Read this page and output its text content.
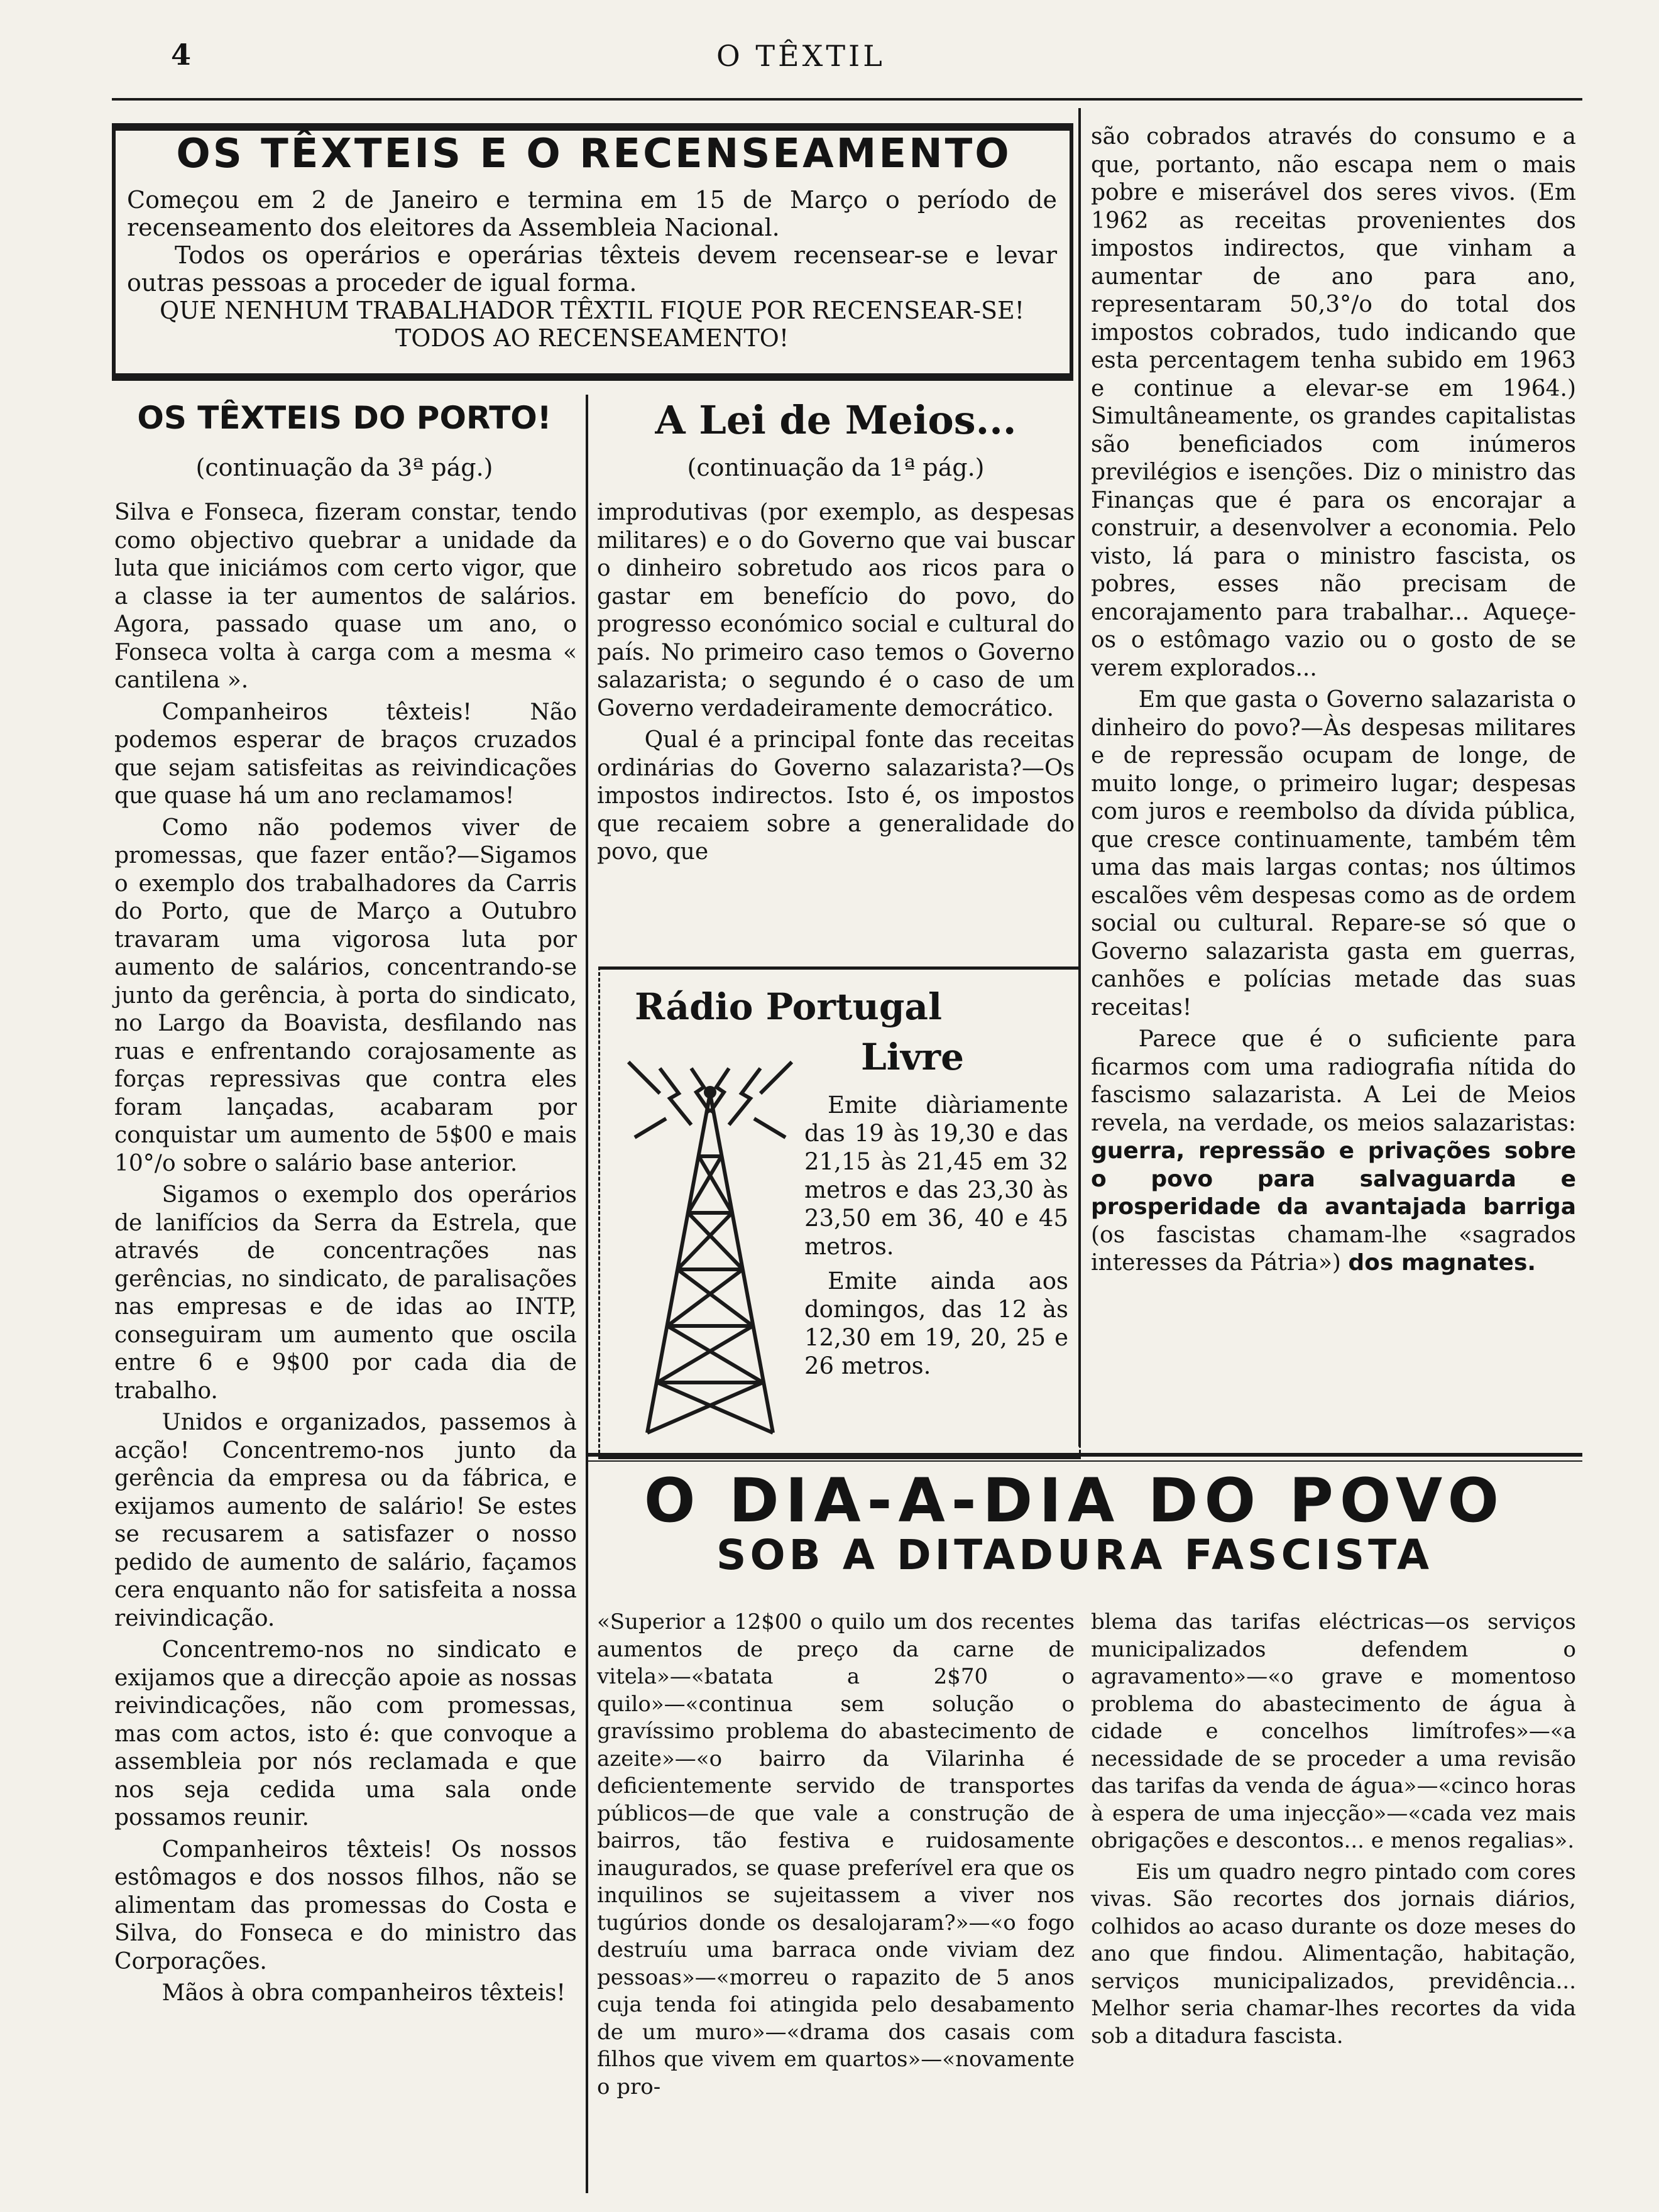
4	O TÊXTIL
OS TÊXTEIS E O RECENSEAMENTO

Começou em 2 de Janeiro e termina em 15 de Março o período de recenseamento dos eleitores da Assembleia Nacional.

Todos os operários e operárias têxteis devem recensear-se e levar outras pessoas a proceder de igual forma.

QUE NENHUM TRABALHADOR TÊXTIL FIQUE POR RECENSEAR-SE! TODOS AO RECENSEAMENTO!

OS TÊXTEIS DO PORTO!
(continuação da 3ª pág.)

Silva e Fonseca, fizeram constar, tendo como objectivo quebrar a unidade da luta que iniciámos com certo vigor, que a classe ia ter aumentos de salários. Agora, passado quase um ano, o Fonseca volta à carga com a mesma « cantilena ».

Companheiros têxteis! Não podemos esperar de braços cruzados que sejam satisfeitas as reivindicações que quase há um ano reclamamos!

Como não podemos viver de promessas, que fazer então?—Sigamos o exemplo dos trabalhadores da Carris do Porto, que de Março a Outubro travaram uma vigorosa luta por aumento de salários, concentrando-se junto da gerência, à porta do sindicato, no Largo da Boavista, desfilando nas ruas e enfrentando corajosamente as forças repressivas que contra eles foram lançadas, acabaram por conquistar um aumento de 5$00 e mais 10°/o sobre o salário base anterior.

Sigamos o exemplo dos operários de lanifícios da Serra da Estrela, que através de concentrações nas gerências, no sindicato, de paralisações nas empresas e de idas ao INTP, conseguiram um aumento que oscila entre 6 e 9$00 por cada dia de trabalho.

Unidos e organizados, passemos à acção! Concentremo-nos junto da gerência da empresa ou da fábrica, e exijamos aumento de salário! Se estes se recusarem a satisfazer o nosso pedido de aumento de salário, façamos cera enquanto não for satisfeita a nossa reivindicação.

Concentremo-nos no sindicato e exijamos que a direcção apoie as nossas reivindicações, não com promessas, mas com actos, isto é: que convoque a assembleia por nós reclamada e que nos seja cedida uma sala onde possamos reunir.

Companheiros têxteis! Os nossos estômagos e dos nossos filhos, não se alimentam das promessas do Costa e Silva, do Fonseca e do ministro das Corporações.

Mãos à obra companheiros têxteis!

A Lei de Meios...
(continuação da 1ª pág.)

improdutivas (por exemplo, as despesas militares) e o do Governo que vai buscar o dinheiro sobretudo aos ricos para o gastar em benefício do povo, do progresso económico social e cultural do país. No primeiro caso temos o Governo salazarista; o segundo é o caso de um Governo verdadeiramente democrático.

Qual é a principal fonte das receitas ordinárias do Governo salazarista?—Os impostos indirectos. Isto é, os impostos que recaiem sobre a generalidade do povo, que

Rádio Portugal
Livre

Emite diàriamente das 19 às 19,30 e das 21,15 às 21,45 em 32 metros e das 23,30 às 23,50 em 36, 40 e 45 metros.

Emite ainda aos domingos, das 12 às 12,30 em 19, 20, 25 e 26 metros.

são cobrados através do consumo e a que, portanto, não escapa nem o mais pobre e miserável dos seres vivos. (Em 1962 as receitas provenientes dos impostos indirectos, que vinham a aumentar de ano para ano, representaram 50,3°/o do total dos impostos cobrados, tudo indicando que esta percentagem tenha subido em 1963 e continue a elevar-se em 1964.) Simultâneamente, os grandes capitalistas são beneficiados com inúmeros previlégios e isenções. Diz o ministro das Finanças que é para os encorajar a construir, a desenvolver a economia. Pelo visto, lá para o ministro fascista, os pobres, esses não precisam de encorajamento para trabalhar... Aqueçe-os o estômago vazio ou o gosto de se verem explorados...

Em que gasta o Governo salazarista o dinheiro do povo?—Às despesas militares e de repressão ocupam de longe, de muito longe, o primeiro lugar; despesas com juros e reembolso da dívida pública, que cresce continuamente, também têm uma das mais largas contas; nos últimos escalões vêm despesas como as de ordem social ou cultural. Repare-se só que o Governo salazarista gasta em guerras, canhões e polícias metade das suas receitas!

Parece que é o suficiente para ficarmos com uma radiografia nítida do fascismo salazarista. A Lei de Meios revela, na verdade, os meios salazaristas: guerra, repressão e privações sobre o povo para salvaguarda e prosperidade da avantajada barriga (os fascistas chamam-lhe «sagrados interesses da Pátria») dos magnates.

O DIA-A-DIA DO POVO
SOB A DITADURA FASCISTA

«Superior a 12$00 o quilo um dos recentes aumentos de preço da carne de vitela»—«batata a 2$70 o quilo»—«continua sem solução o gravíssimo problema do abastecimento de azeite»—«o bairro da Vilarinha é deficientemente servido de transportes públicos—de que vale a construção de bairros, tão festiva e ruidosamente inaugurados, se quase preferível era que os inquilinos se sujeitassem a viver nos tugúrios donde os desalojaram?»—«o fogo destruíu uma barraca onde viviam dez pessoas»—«morreu o rapazito de 5 anos cuja tenda foi atingida pelo desabamento de um muro»—«drama dos casais com filhos que vivem em quartos»—«novamente o pro-

blema das tarifas eléctricas—os serviços municipalizados defendem o agravamento»—«o grave e momentoso problema do abastecimento de água à cidade e concelhos limítrofes»—«a necessidade de se proceder a uma revisão das tarifas da venda de água»—«cinco horas à espera de uma injecção»—«cada vez mais obrigações e descontos... e menos regalias».

Eis um quadro negro pintado com cores vivas. São recortes dos jornais diários, colhidos ao acaso durante os doze meses do ano que findou. Alimentação, habitação, serviços municipalizados, previdência... Melhor seria chamar-lhes recortes da vida sob a ditadura fascista.
